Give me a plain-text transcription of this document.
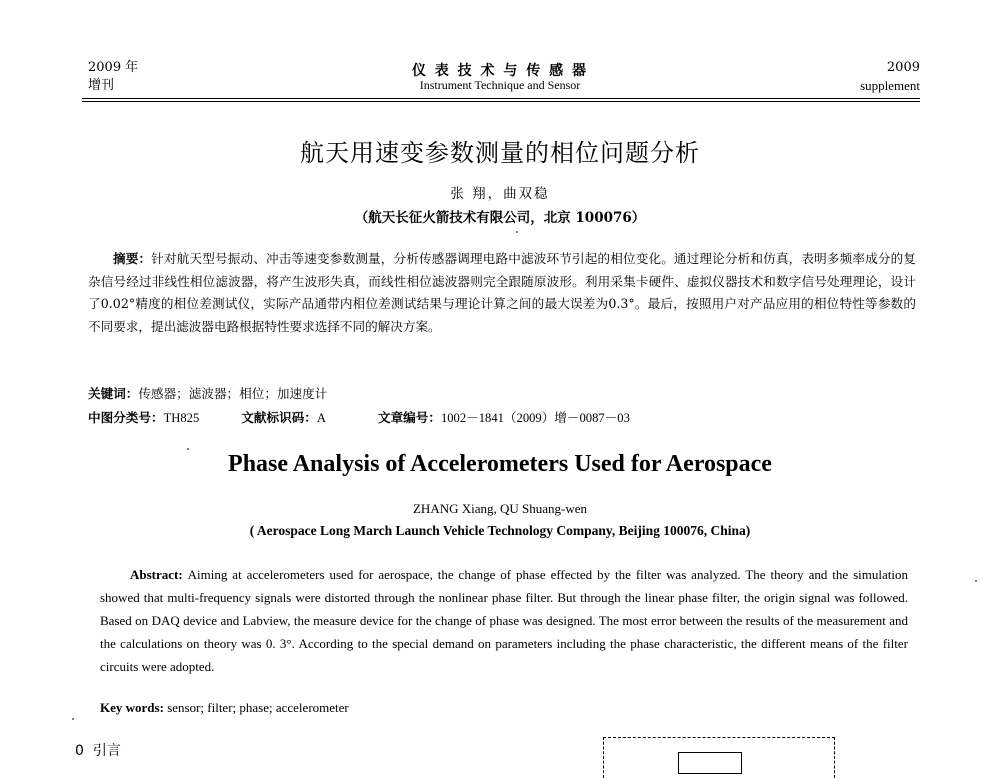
2009 年
增刊
仪 表 技 术 与 传 感 器
Instrument Technique and Sensor
2009
supplement
航天用速变参数测量的相位问题分析
张 翔，曲双稳
（航天长征火箭技术有限公司，北京 100076）
摘要：针对航天型号振动、冲击等速变参数测量，分析传感器调理电路中滤波环节引起的相位变化。通过理论分析和仿真，表明多频率成分的复杂信号经过非线性相位滤波器，将产生波形失真，而线性相位滤波器则完全跟随原波形。利用采集卡硬件、虚拟仪器技术和数字信号处理理论，设计了0.02°精度的相位差测试仪，实际产品通带内相位差测试结果与理论计算之间的最大误差为0.3°。最后，按照用户对产品应用的相位特性等参数的不同要求，提出滤波器电路根据特性要求选择不同的解决方案。
关键词：传感器；滤波器；相位；加速度计
中图分类号：TH825	文献标识码：A	文章编号：1002－1841（2009）增－0087－03
Phase Analysis of Accelerometers Used for Aerospace
ZHANG Xiang, QU Shuang-wen
( Aerospace Long March Launch Vehicle Technology Company, Beijing 100076, China)
Abstract: Aiming at accelerometers used for aerospace, the change of phase effected by the filter was analyzed. The theory and the simulation showed that multi-frequency signals were distorted through the nonlinear phase filter. But through the linear phase filter, the origin signal was followed. Based on DAQ device and Labview, the measure device for the change of phase was designed. The most error between the results of the measurement and the calculations on theory was 0. 3°. According to the special demand on parameters including the phase characteristic, the different means of the filter circuits were adopted.
Key words: sensor; filter; phase; accelerometer
0 引言
